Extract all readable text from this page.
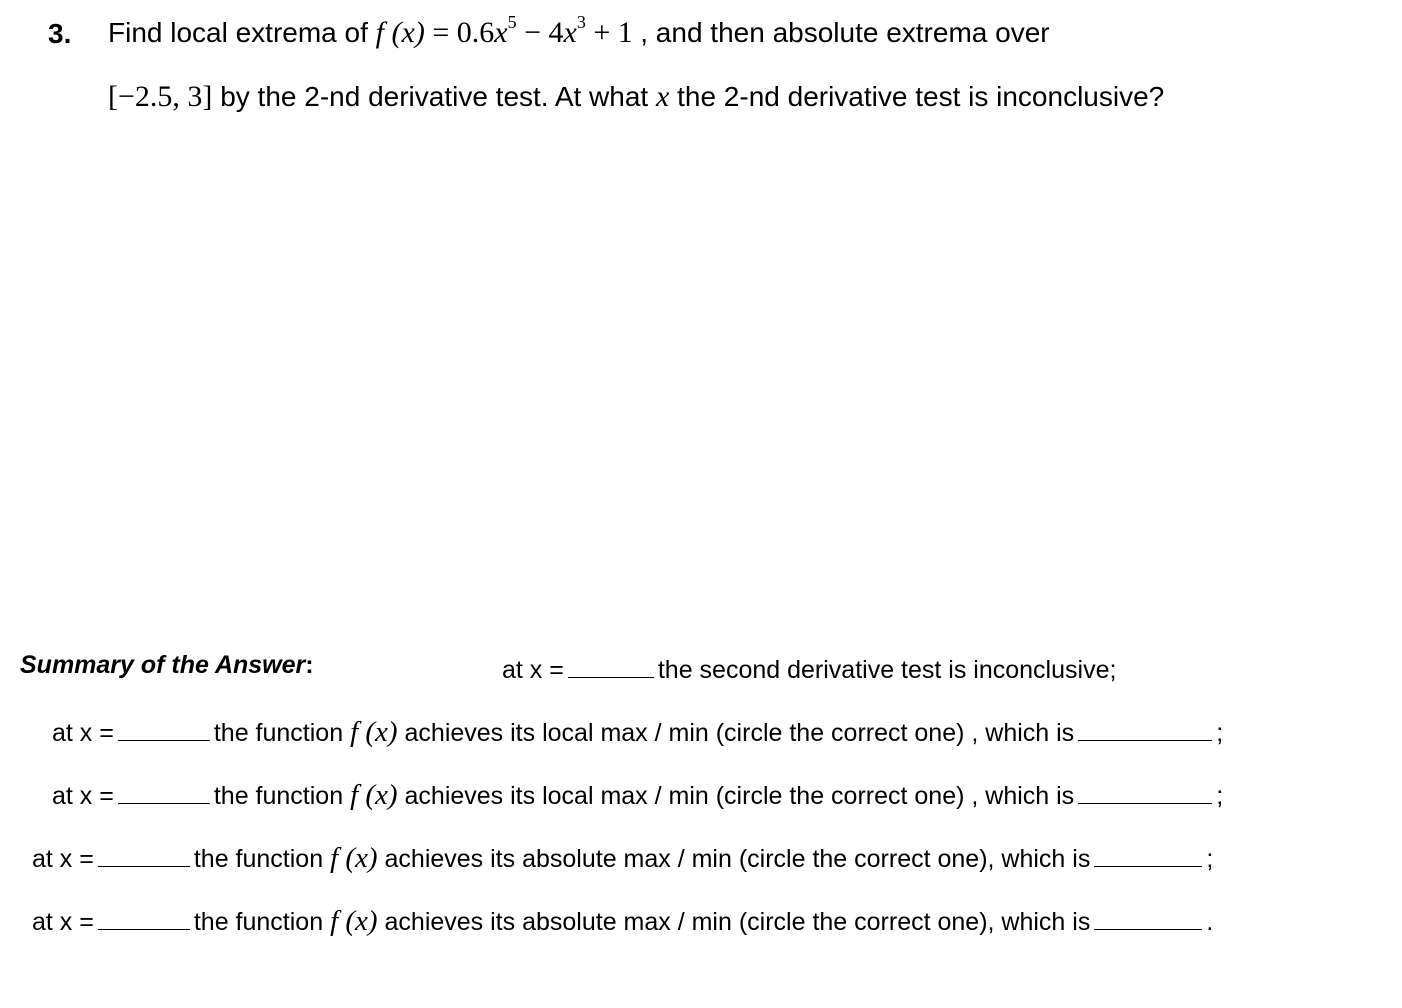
3. Find local extrema of f $(x) = 0.6x^5 - 4x^3 + 1$ , and then absolute extrema over
[−2.5, 3] by the 2-nd derivative test. At what x the 2-nd derivative test is inconclusive?
Summary of the Answer:	at x =	the second derivative test is inconclusive;
at x =	the function f (x) achieves its local max / min (circle the correct one) , which is	;
at x =	the function f (x) achieves its local max / min (circle the correct one) , which is	;
at x =	the function f (x) achieves its absolute max / min (circle the correct one), which is	;
at x =	the function f (x) achieves its absolute max / min (circle the correct one), which is	.
